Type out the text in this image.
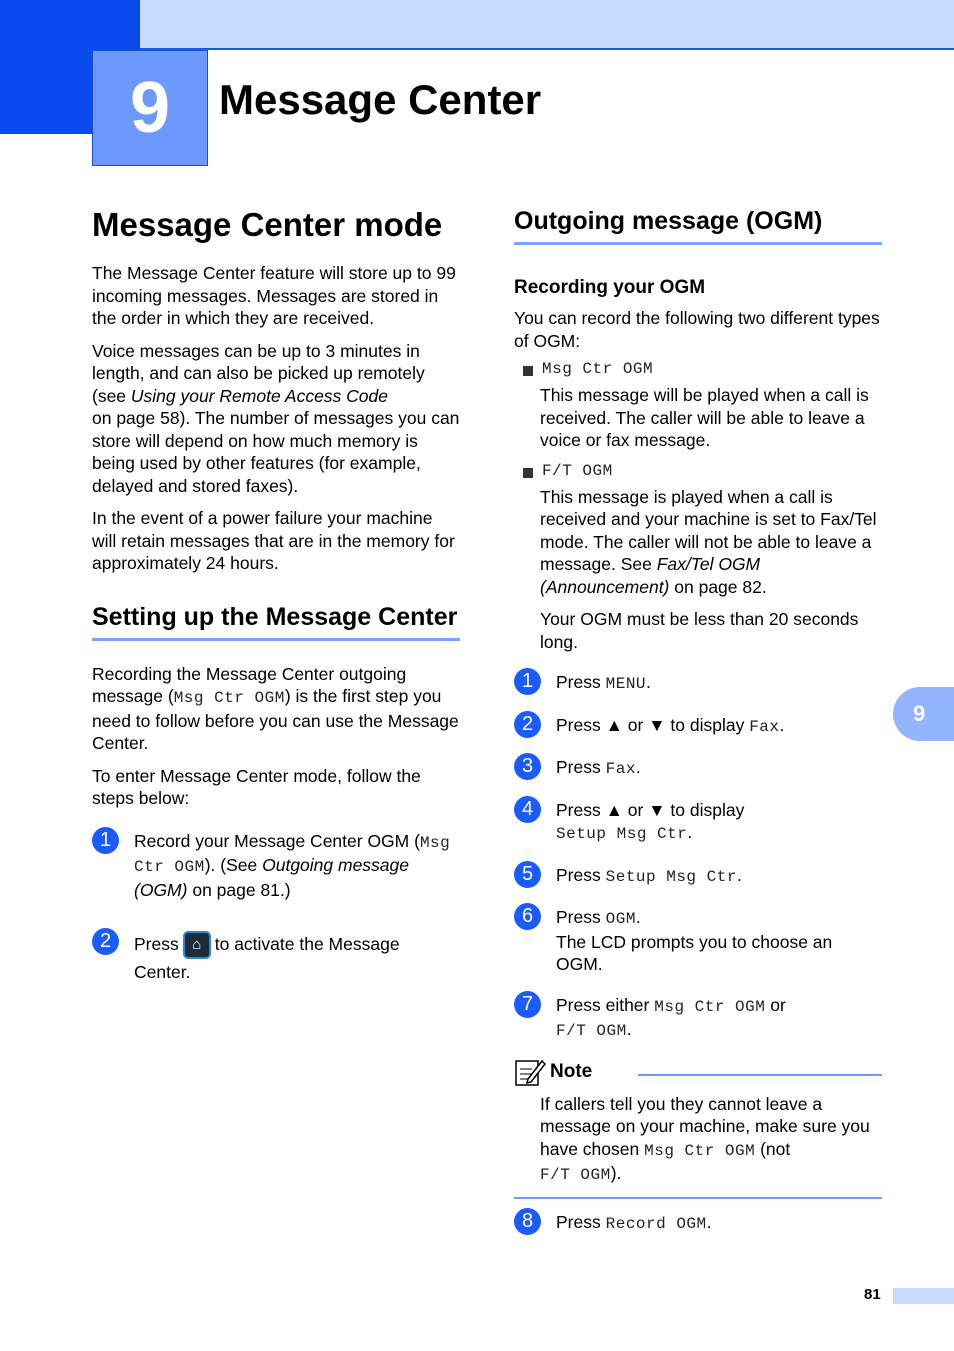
9	Message Center
Message Center mode

The Message Center feature will store up to 99 incoming messages. Messages are stored in the order in which they are received.

Voice messages can be up to 3 minutes in length, and can also be picked up remotely (see Using your Remote Access Code
on page 58). The number of messages you can store will depend on how much memory is being used by other features (for example, delayed and stored faxes).

In the event of a power failure your machine will retain messages that are in the memory for approximately 24 hours.

Setting up the Message Center

Recording the Message Center outgoing message (Msg Ctr OGM) is the first step you need to follow before you can use the Message Center.

To enter Message Center mode, follow the steps below:

1	Record your Message Center OGM (Msg Ctr OGM). (See Outgoing message (OGM) on page 81.)
2	Press ⌂ to activate the Message Center.
Outgoing message (OGM)
Recording your OGM

You can record the following two different types of OGM:

Msg Ctr OGM

This message will be played when a call is received. The caller will be able to leave a voice or fax message.

F/T OGM

This message is played when a call is received and your machine is set to Fax/Tel mode. The caller will not be able to leave a message. See Fax/Tel OGM (Announcement) on page 82.

Your OGM must be less than 20 seconds long.

1	Press MENU.
2	Press ▲ or ▼ to display Fax.
3	Press Fax.
4	Press ▲ or ▼ to display
Setup Msg Ctr.
5	Press Setup Msg Ctr.
6	Press OGM.
The LCD prompts you to choose an OGM.
7	Press either Msg Ctr OGM or
F/T OGM.
Note

If callers tell you they cannot leave a message on your machine, make sure you have chosen Msg Ctr OGM (not
F/T OGM).

8	Press Record OGM.
9
81
